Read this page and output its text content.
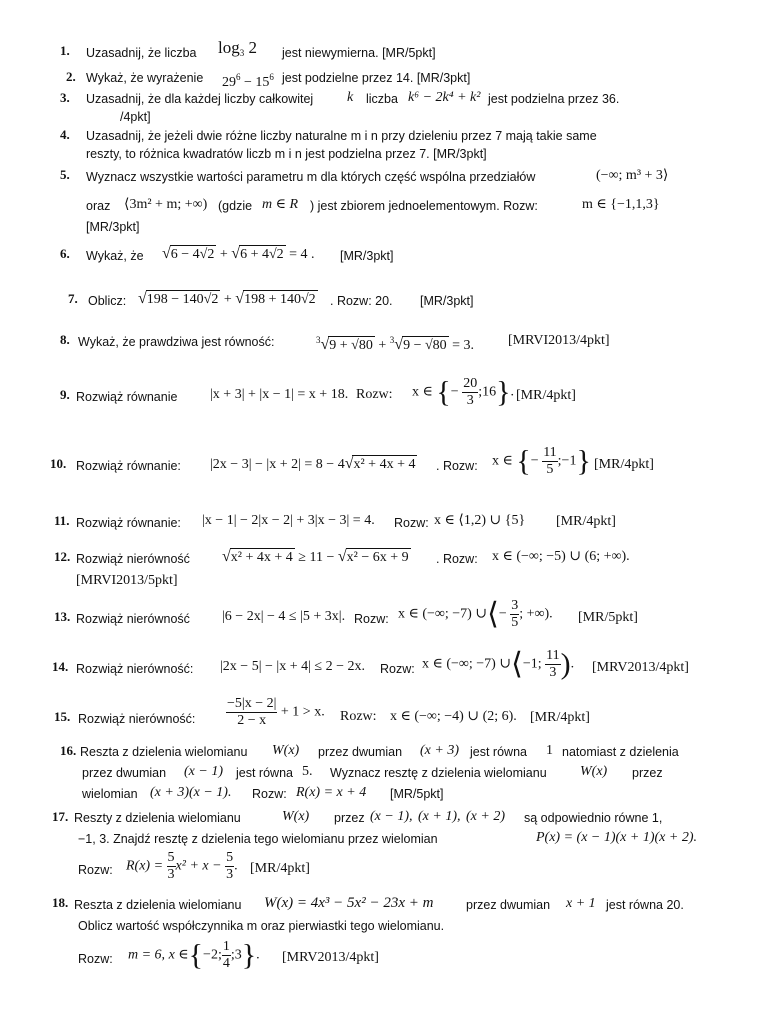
1. Uzasadnij, że liczba $\log_3 2$ jest niewymierna. [MR/5pkt]
2. Wykaż, że wyrażenie $29^6 - 15^6$ jest podzielne przez 14. [MR/3pkt]
3. Uzasadnij, że dla każdej liczby całkowitej k liczba k⁶ − 2k⁴ + k² jest podzielna przez 36.
/4pkt]
4. Uzasadnij, że jeżeli dwie różne liczby naturalne m i n przy dzieleniu przez 7 mają takie same
reszty, to różnica kwadratów liczb m i n jest podzielna przez 7. [MR/3pkt]
5. Wyznacz wszystkie wartości parametru m dla których część wspólna przedziałów	(−∞; m³ + 3⟩
oraz ⟨3m² + m; +∞) (gdzie m ∈ R ) jest zbiorem jednoelementowym. Rozw:	m ∈ {−1,1,3}
[MR/3pkt]
6. Wykaż, że √6 − 4√2 + √6 + 4√2 = 4 . [MR/3pkt]
7. Oblicz: √198 − 140√2 + √198 + 140√2 . Rozw: 20. [MR/3pkt]
8. Wykaż, że prawdziwa jest równość:	$^3$√9 + √80 + $^3$√9 − √80 = 3. [MRVI2013/4pkt]
9. Rozwiąż równanie |x + 3| + |x − 1| = x + 18. Rozw: x ∈ {− $\frac{20}{3}$ ;16}. [MR/4pkt]
10. Rozwiąż równanie: |2x − 3| − |x + 2| = 8 − 4√x² + 4x + 4 . Rozw: x ∈ {− $\frac{11}{5}$ ;−1} [MR/4pkt]
11. Rozwiąż równanie: |x − 1| − 2|x − 2| + 3|x − 3| = 4. Rozw: x ∈ ⟨1,2) ∪ {5} [MR/4pkt]
12. Rozwiąż nierówność √x² + 4x + 4 ≥ 11 − √x² − 6x + 9 . Rozw: x ∈ (−∞; −5) ∪ (6; +∞).
[MRVI2013/5pkt]
13. Rozwiąż nierówność |6 − 2x| − 4 ≤ |5 + 3x|. Rozw: x ∈ (−∞; −7) ∪⟨− $\frac{3}{5}$ ; +∞). [MR/5pkt]
14. Rozwiąż nierówność: |2x − 5| − |x + 4| ≤ 2 − 2x. Rozw: x ∈ (−∞; −7) ∪⟨−1; $\frac{11}{3}$ ). [MRV2013/4pkt]
15. Rozwiąż nierówność: $\frac{-5|x - 2|}{2 - x} + 1 > x$. Rozw: x ∈ (−∞; −4) ∪ (2; 6). [MR/4pkt]
16. Reszta z dzielenia wielomianu W(x) przez dwumian (x + 3) jest równa 1 natomiast z dzielenia
przez dwumian (x − 1) jest równa 5. Wyznacz resztę z dzielenia wielomianu W(x) przez
wielomian (x + 3)(x − 1). Rozw: R(x) = x + 4 [MR/5pkt]
17. Reszty z dzielenia wielomianu	W(x) przez (x − 1), (x + 1), (x + 2) są odpowiednio równe 1,
−1, 3. Znajdź resztę z dzielenia tego wielomianu przez wielomian	P(x) = (x − 1)(x + 1)(x + 2).
Rozw: $R(x) = \frac{5}{3} x^2 + x - \frac{5}{3}$ . [MR/4pkt]
18. Reszta z dzielenia wielomianu W(x) = 4x³ − 5x² − 23x + m	przez dwumian x + 1 jest równa 20.
Oblicz wartość współczynnika m oraz pierwiastki tego wielomianu.
Rozw: m = 6, x ∈{−2; $\frac{1}{4}$ ;3}. [MRV2013/4pkt]
